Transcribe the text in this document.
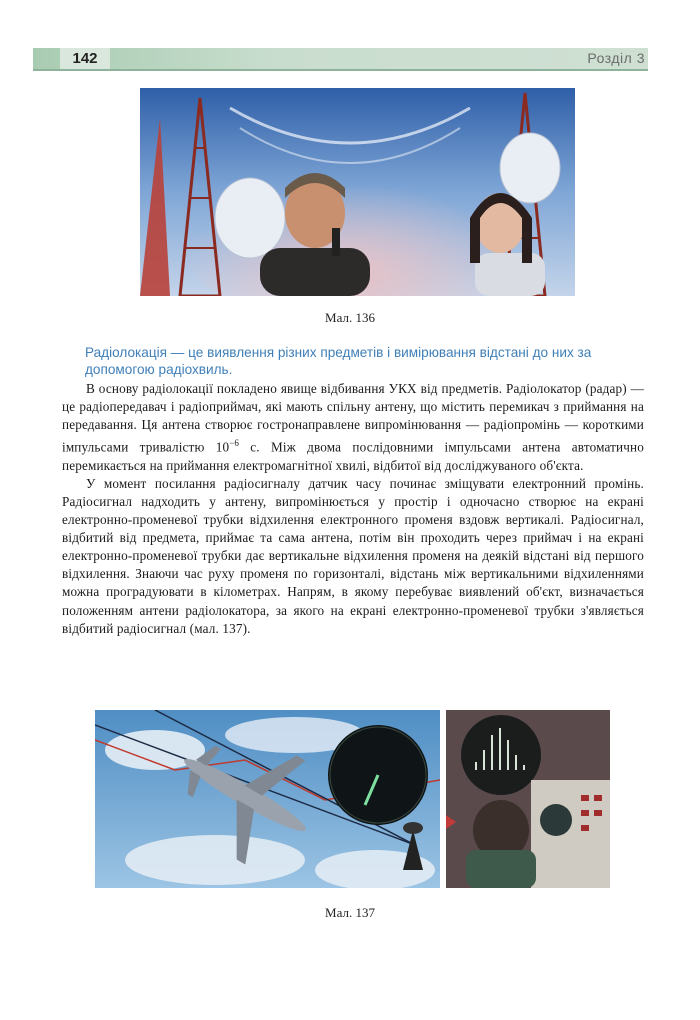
142	Розділ 3
Мал. 136
Радіолокація — це виявлення різних предметів і вимірювання відстані до них за допомогою радіохвиль.

В основу радіолокації покладено явище відбивання УКХ від предметів. Радіолокатор (радар) — це радіопередавач і радіоприймач, які мають спільну антену, що містить перемикач з приймання на передавання. Ця антена створює гостронаправлене випромінювання — радіопромінь — короткими імпульсами тривалістю $10^{-6}$ с. Між двома послідовними імпульсами антена автоматично перемикається на приймання електромагнітної хвилі, відбитої від досліджуваного об'єкта.

У момент посилання радіосигналу датчик часу починає зміщувати електронний промінь. Радіосигнал надходить у антену, випромінюється у простір і одночасно створює на екрані електронно-променевої трубки відхилення електронного променя вздовж вертикалі. Радіосигнал, відбитий від предмета, приймає та сама антена, потім він проходить через приймач і на екрані електронно-променевої трубки дає вертикальне відхилення променя на деякій відстані від першого відхилення. Знаючи час руху променя по горизонталі, відстань між вертикальними відхиленнями можна проградуювати в кілометрах. Напрям, в якому перебуває виявлений об'єкт, визначається положенням антени радіолокатора, за якого на екрані електронно-променевої трубки з'являється відбитий радіосигнал (мал. 137).

Мал. 137
